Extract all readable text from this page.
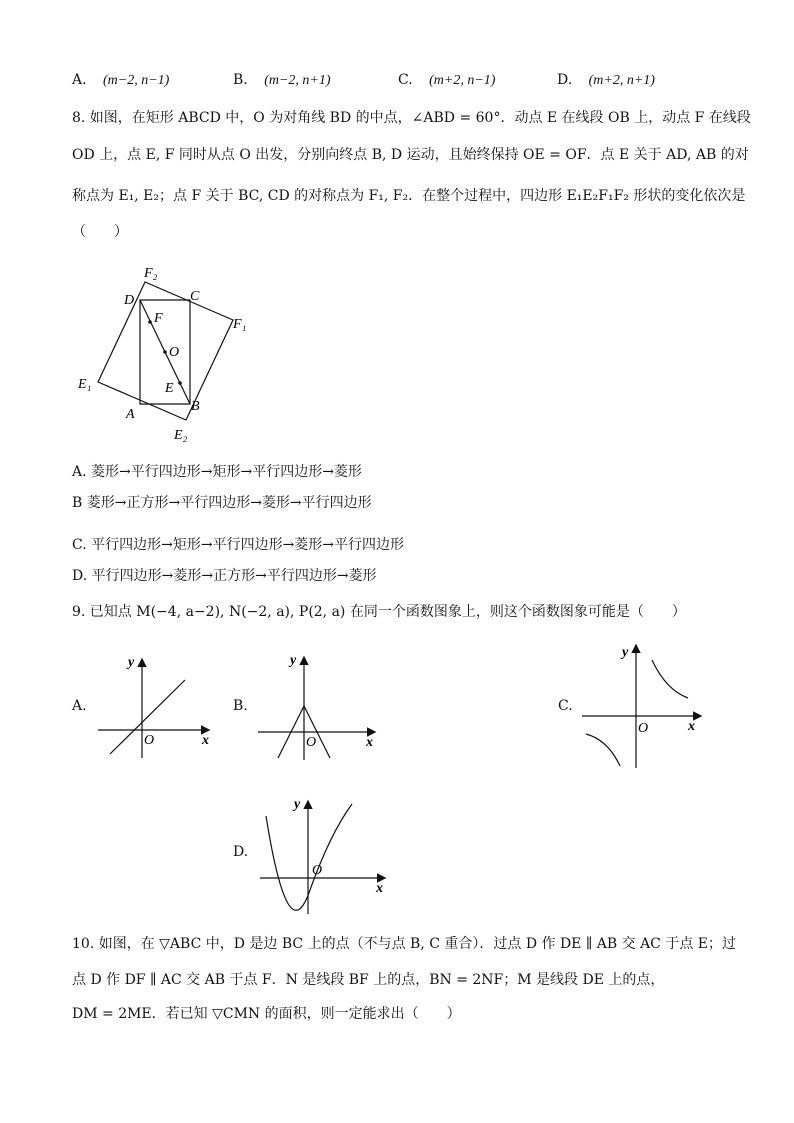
A. (m−2, n−1)	B. (m−2, n+1)	C. (m+2, n−1)	D. (m+2, n+1)
8. 如图，在矩形 ABCD 中，O 为对角线 BD 的中点，∠ABD = 60°．动点 E 在线段 OB 上，动点 F 在线段
OD 上，点 E, F 同时从点 O 出发，分别向终点 B, D 运动，且始终保持 OE = OF．点 E 关于 AD, AB 的对
称点为 E₁, E₂；点 F 关于 BC, CD 的对称点为 F₁, F₂．在整个过程中，四边形 E₁E₂F₁F₂ 形状的变化依次是
（　　）
F₂
D	C
F₁
F
O
E₁	E
A
B
E₂
A. 菱形→平行四边形→矩形→平行四边形→菱形
B 菱形→正方形→平行四边形→菱形→平行四边形
C. 平行四边形→矩形→平行四边形→菱形→平行四边形
D. 平行四边形→菱形→正方形→平行四边形→菱形
9. 已知点 M(−4, a−2), N(−2, a), P(2, a) 在同一个函数图象上，则这个函数图象可能是（　　）
A.
x
y
O
B.
x
y
O
C.
x
y
O
D.
x
y
O
10. 如图，在 ▽ABC 中，D 是边 BC 上的点（不与点 B, C 重合）．过点 D 作 DE ∥ AB 交 AC 于点 E；过
点 D 作 DF ∥ AC 交 AB 于点 F．N 是线段 BF 上的点，BN = 2NF；M 是线段 DE 上的点，
DM = 2ME．若已知 ▽CMN 的面积，则一定能求出（　　）
